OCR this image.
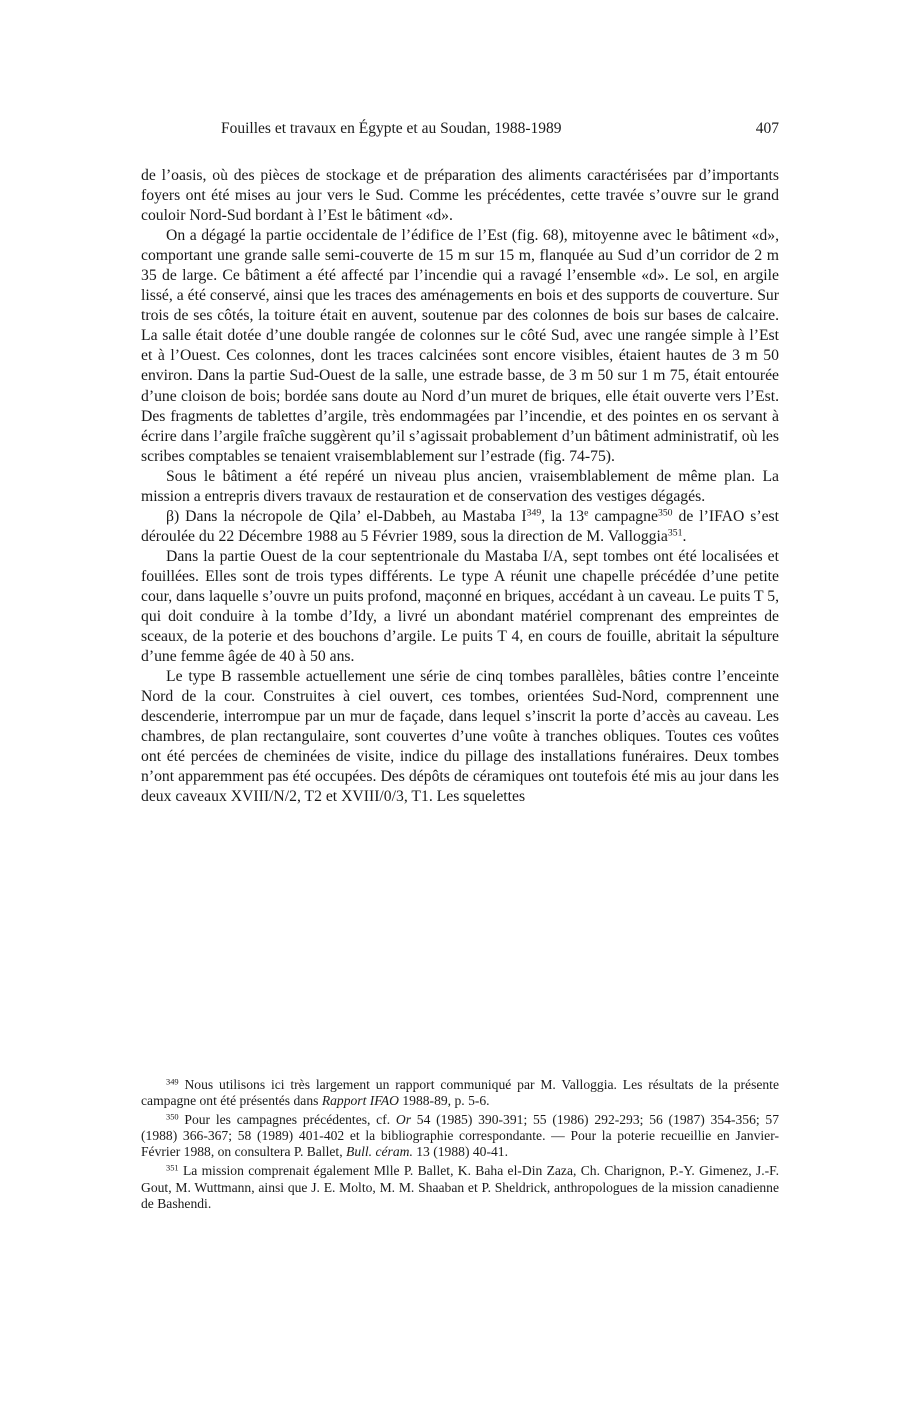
Fouilles et travaux en Égypte et au Soudan, 1988-1989	407

de l’oasis, où des pièces de stockage et de préparation des aliments caractérisées par d’importants foyers ont été mises au jour vers le Sud. Comme les précédentes, cette travée s’ouvre sur le grand couloir Nord-Sud bordant à l’Est le bâtiment «d».

On a dégagé la partie occidentale de l’édifice de l’Est (fig. 68), mitoyenne avec le bâtiment «d», comportant une grande salle semi-couverte de 15 m sur 15 m, flanquée au Sud d’un corridor de 2 m 35 de large. Ce bâtiment a été affecté par l’incendie qui a ravagé l’ensemble «d». Le sol, en argile lissé, a été conservé, ainsi que les traces des aménagements en bois et des supports de couverture. Sur trois de ses côtés, la toiture était en auvent, soutenue par des colonnes de bois sur bases de calcaire. La salle était dotée d’une double rangée de colonnes sur le côté Sud, avec une rangée simple à l’Est et à l’Ouest. Ces colonnes, dont les traces calcinées sont encore visibles, étaient hautes de 3 m 50 environ. Dans la partie Sud-Ouest de la salle, une estrade basse, de 3 m 50 sur 1 m 75, était entourée d’une cloison de bois; bordée sans doute au Nord d’un muret de briques, elle était ouverte vers l’Est. Des fragments de tablettes d’argile, très endommagées par l’incendie, et des pointes en os servant à écrire dans l’argile fraîche suggèrent qu’il s’agissait probablement d’un bâtiment administratif, où les scribes comptables se tenaient vraisemblablement sur l’estrade (fig. 74-75).

Sous le bâtiment a été repéré un niveau plus ancien, vraisemblablement de même plan. La mission a entrepris divers travaux de restauration et de conservation des vestiges dégagés.

β) Dans la nécropole de Qila’ el-Dabbeh, au Mastaba $I^{349}$, la 13e campagne$^{350}$ de l’IFAO s’est déroulée du 22 Décembre 1988 au 5 Février 1989, sous la direction de M. Valloggia$^{351}$.

Dans la partie Ouest de la cour septentrionale du Mastaba I/A, sept tombes ont été localisées et fouillées. Elles sont de trois types différents. Le type A réunit une chapelle précédée d’une petite cour, dans laquelle s’ouvre un puits profond, maçonné en briques, accédant à un caveau. Le puits T 5, qui doit conduire à la tombe d’Idy, a livré un abondant matériel comprenant des empreintes de sceaux, de la poterie et des bouchons d’argile. Le puits T 4, en cours de fouille, abritait la sépulture d’une femme âgée de 40 à 50 ans.

Le type B rassemble actuellement une série de cinq tombes parallèles, bâties contre l’enceinte Nord de la cour. Construites à ciel ouvert, ces tombes, orientées Sud-Nord, comprennent une descenderie, interrompue par un mur de façade, dans lequel s’inscrit la porte d’accès au caveau. Les chambres, de plan rectangulaire, sont couvertes d’une voûte à tranches obliques. Toutes ces voûtes ont été percées de cheminées de visite, indice du pillage des installations funéraires. Deux tombes n’ont apparemment pas été occupées. Des dépôts de céramiques ont toutefois été mis au jour dans les deux caveaux XVIII/N/2, T2 et XVIII/0/3, T1. Les squelettes

$^{349}$ Nous utilisons ici très largement un rapport communiqué par M. Valloggia. Les résultats de la présente campagne ont été présentés dans Rapport IFAO 1988-89, p. 5-6.

$^{350}$ Pour les campagnes précédentes, cf. Or 54 (1985) 390-391; 55 (1986) 292-293; 56 (1987) 354-356; 57 (1988) 366-367; 58 (1989) 401-402 et la bibliographie correspondante. — Pour la poterie recueillie en Janvier-Février 1988, on consultera P. Ballet, Bull. céram. 13 (1988) 40-41.

$^{351}$ La mission comprenait également Mlle P. Ballet, K. Baha el-Din Zaza, Ch. Charignon, P.-Y. Gimenez, J.-F. Gout, M. Wuttmann, ainsi que J. E. Molto, M. M. Shaaban et P. Sheldrick, anthropologues de la mission canadienne de Bashendi.
